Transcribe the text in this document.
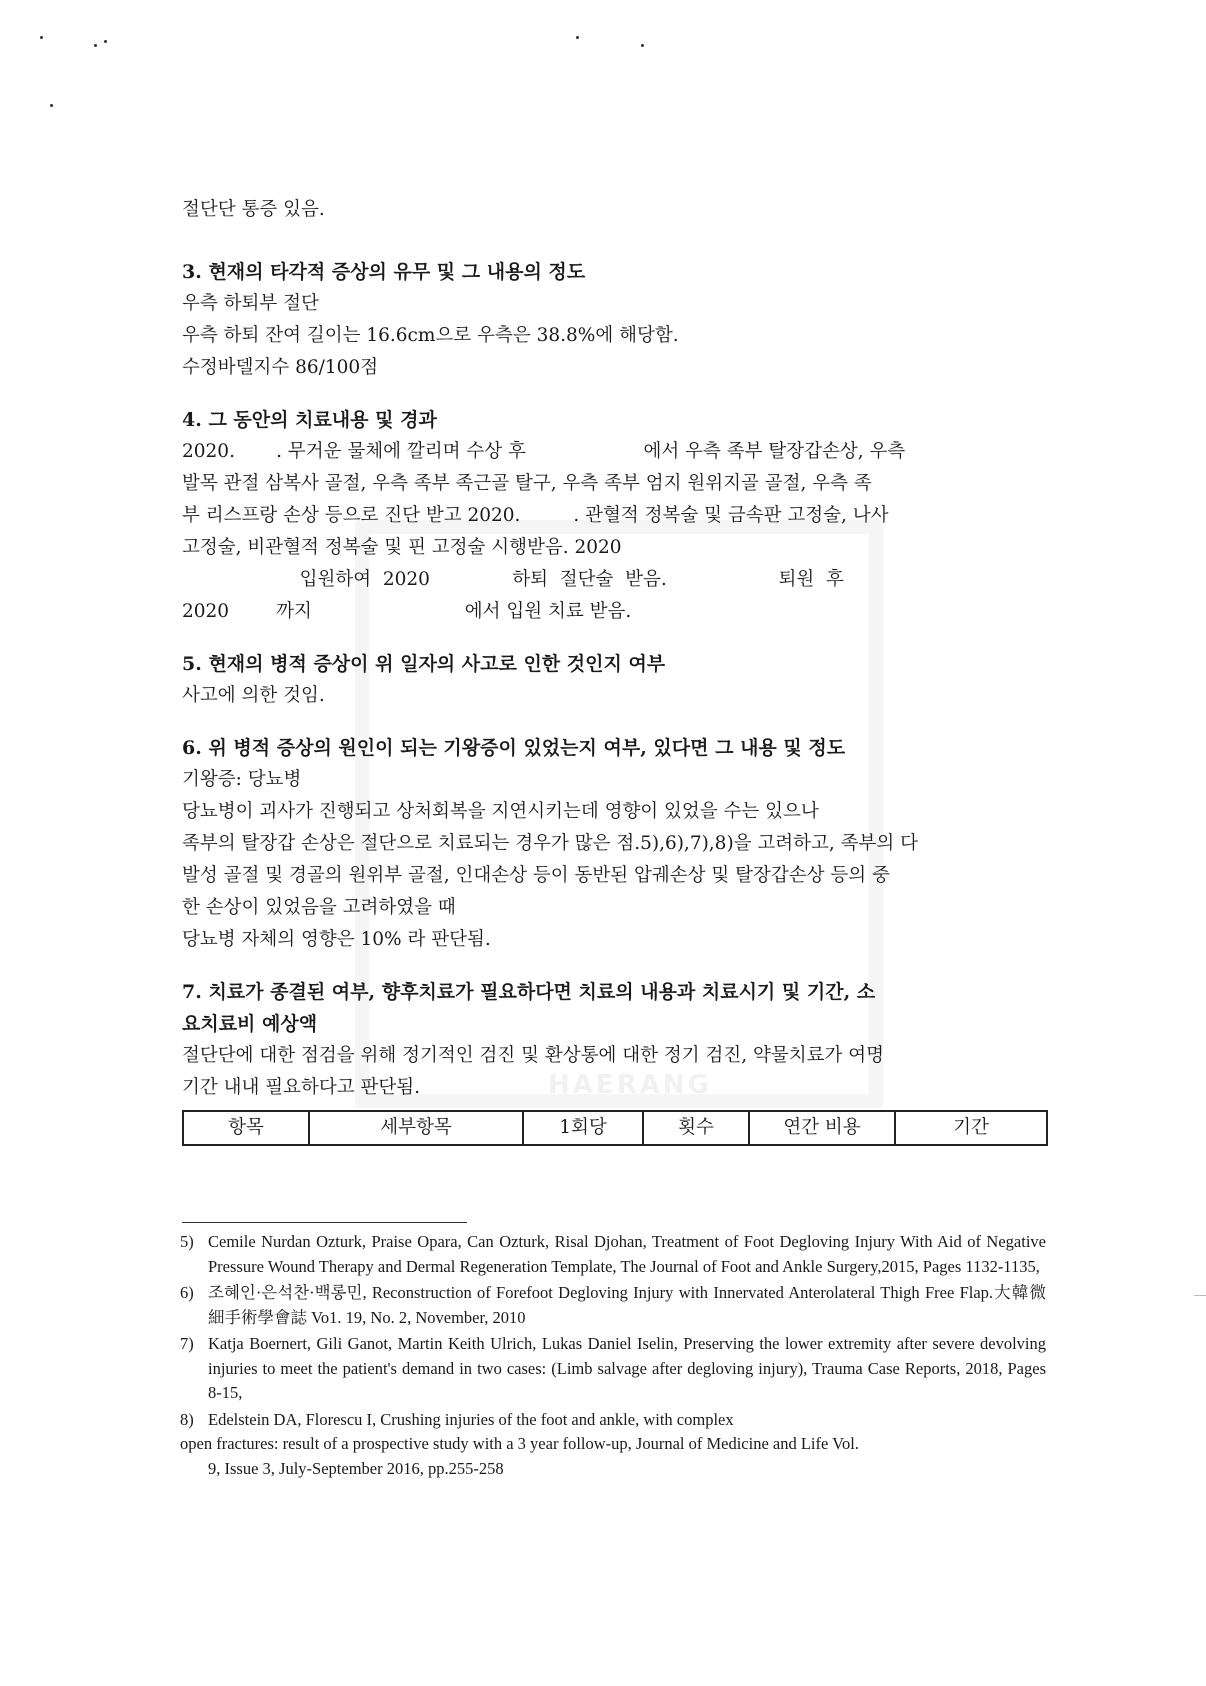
HAERANG
절단단 통증 있음.
3. 현재의 타각적 증상의 유무 및 그 내용의 정도
우측 하퇴부 절단
우측 하퇴 잔여 길이는 16.6cm으로 우측은 38.8%에 해당함.
수정바델지수 86/100점
4. 그 동안의 치료내용 및 경과
2020.       . 무거운 물체에 깔리며 수상 후                    에서 우측 족부 탈장갑손상, 우측
발목 관절 삼복사 골절, 우측 족부 족근골 탈구, 우측 족부 엄지 원위지골 골절, 우측 족
부 리스프랑 손상 등으로 진단 받고 2020.         . 관혈적 정복술 및 금속판 고정술, 나사
고정술, 비관혈적 정복술 및 핀 고정술 시행받음. 2020
입원하여  2020              하퇴  절단술  받음.                   퇴원  후
2020        까지                          에서 입원 치료 받음.
5. 현재의 병적 증상이 위 일자의 사고로 인한 것인지 여부
사고에 의한 것임.
6. 위 병적 증상의 원인이 되는 기왕증이 있었는지 여부, 있다면 그 내용 및 정도
기왕증: 당뇨병
당뇨병이 괴사가 진행되고 상처회복을 지연시키는데 영향이 있었을 수는 있으나
족부의 탈장갑 손상은 절단으로 치료되는 경우가 많은 점.5),6),7),8)을 고려하고, 족부의 다
발성 골절 및 경골의 원위부 골절, 인대손상 등이 동반된 압궤손상 및 탈장갑손상 등의 중
한 손상이 있었음을 고려하였을 때
당뇨병 자체의 영향은 10% 라 판단됨.
7. 치료가 종결된 여부, 향후치료가 필요하다면 치료의 내용과 치료시기 및 기간, 소
요치료비 예상액
절단단에 대한 점검을 위해 정기적인 검진 및 환상통에 대한 정기 검진, 약물치료가 여명
기간 내내 필요하다고 판단됨.
항목	세부항목	1회당	횟수	연간 비용	기간
5) Cemile Nurdan Ozturk, Praise Opara, Can Ozturk, Risal Djohan, Treatment of Foot Degloving Injury With Aid of Negative Pressure Wound Therapy and Dermal Regeneration Template, The Journal of Foot and Ankle Surgery,2015, Pages 1132-1135,
6) 조혜인·은석찬·백롱민, Reconstruction of Forefoot Degloving Injury with Innervated Anterolateral Thigh Free Flap.大韓微細手術學會誌 Vo1. 19, No. 2, November, 2010
7) Katja Boernert, Gili Ganot, Martin Keith Ulrich, Lukas Daniel Iselin, Preserving the lower extremity after severe devolving injuries to meet the patient's demand in two cases: (Limb salvage after degloving injury), Trauma Case Reports, 2018, Pages 8-15,
8) Edelstein DA, Florescu I, Crushing injuries of the foot and ankle, with complex
open fractures: result of a prospective study with a 3 year follow-up, Journal of Medicine and Life Vol.
9, Issue 3, July-September 2016, pp.255-258
